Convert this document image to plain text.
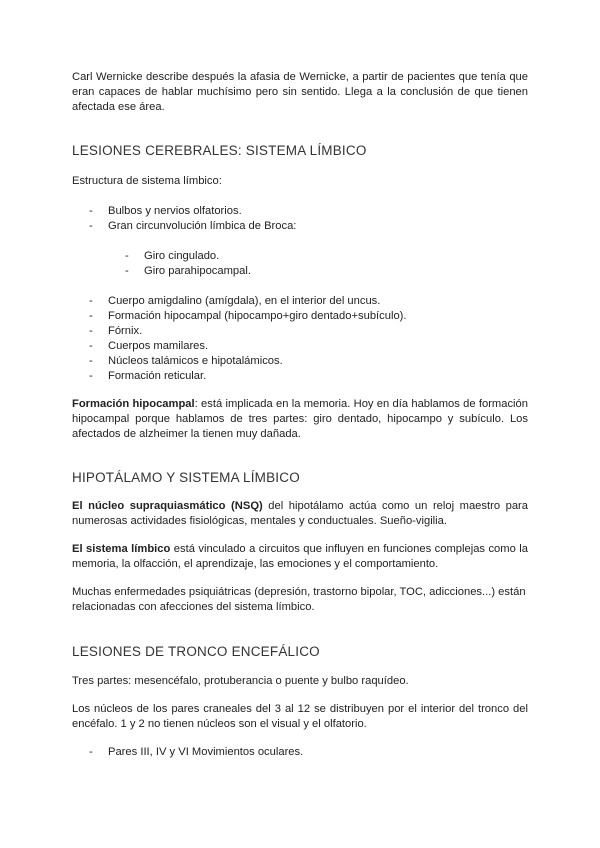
Carl Wernicke describe después la afasia de Wernicke, a partir de pacientes que tenía que eran capaces de hablar muchísimo pero sin sentido. Llega a la conclusión de que tienen afectada ese área.

LESIONES CEREBRALES: SISTEMA LÍMBICO

Estructura de sistema límbico:

- Bulbos y nervios olfatorios.
- Gran circunvolución límbica de Broca:
- Giro cingulado.
- Giro parahipocampal.
- Cuerpo amigdalino (amígdala), en el interior del uncus.
- Formación hipocampal (hipocampo+giro dentado+subículo).
- Fórnix.
- Cuerpos mamilares.
- Núcleos talámicos e hipotalámicos.
- Formación reticular.

Formación hipocampal: está implicada en la memoria. Hoy en día hablamos de formación hipocampal porque hablamos de tres partes: giro dentado, hipocampo y subículo. Los afectados de alzheimer la tienen muy dañada.

HIPOTÁLAMO Y SISTEMA LÍMBICO

El núcleo supraquiasmático (NSQ) del hipotálamo actúa como un reloj maestro para numerosas actividades fisiológicas, mentales y conductuales. Sueño-vigilia.

El sistema límbico está vinculado a circuitos que influyen en funciones complejas como la memoria, la olfacción, el aprendizaje, las emociones y el comportamiento.

Muchas enfermedades psiquiátricas (depresión, trastorno bipolar, TOC, adicciones...) están relacionadas con afecciones del sistema límbico.

LESIONES DE TRONCO ENCEFÁLICO

Tres partes: mesencéfalo, protuberancia o puente y bulbo raquídeo.

Los núcleos de los pares craneales del 3 al 12 se distribuyen por el interior del tronco del encéfalo. 1 y 2 no tienen núcleos son el visual y el olfatorio.

- Pares III, IV y VI Movimientos oculares.
